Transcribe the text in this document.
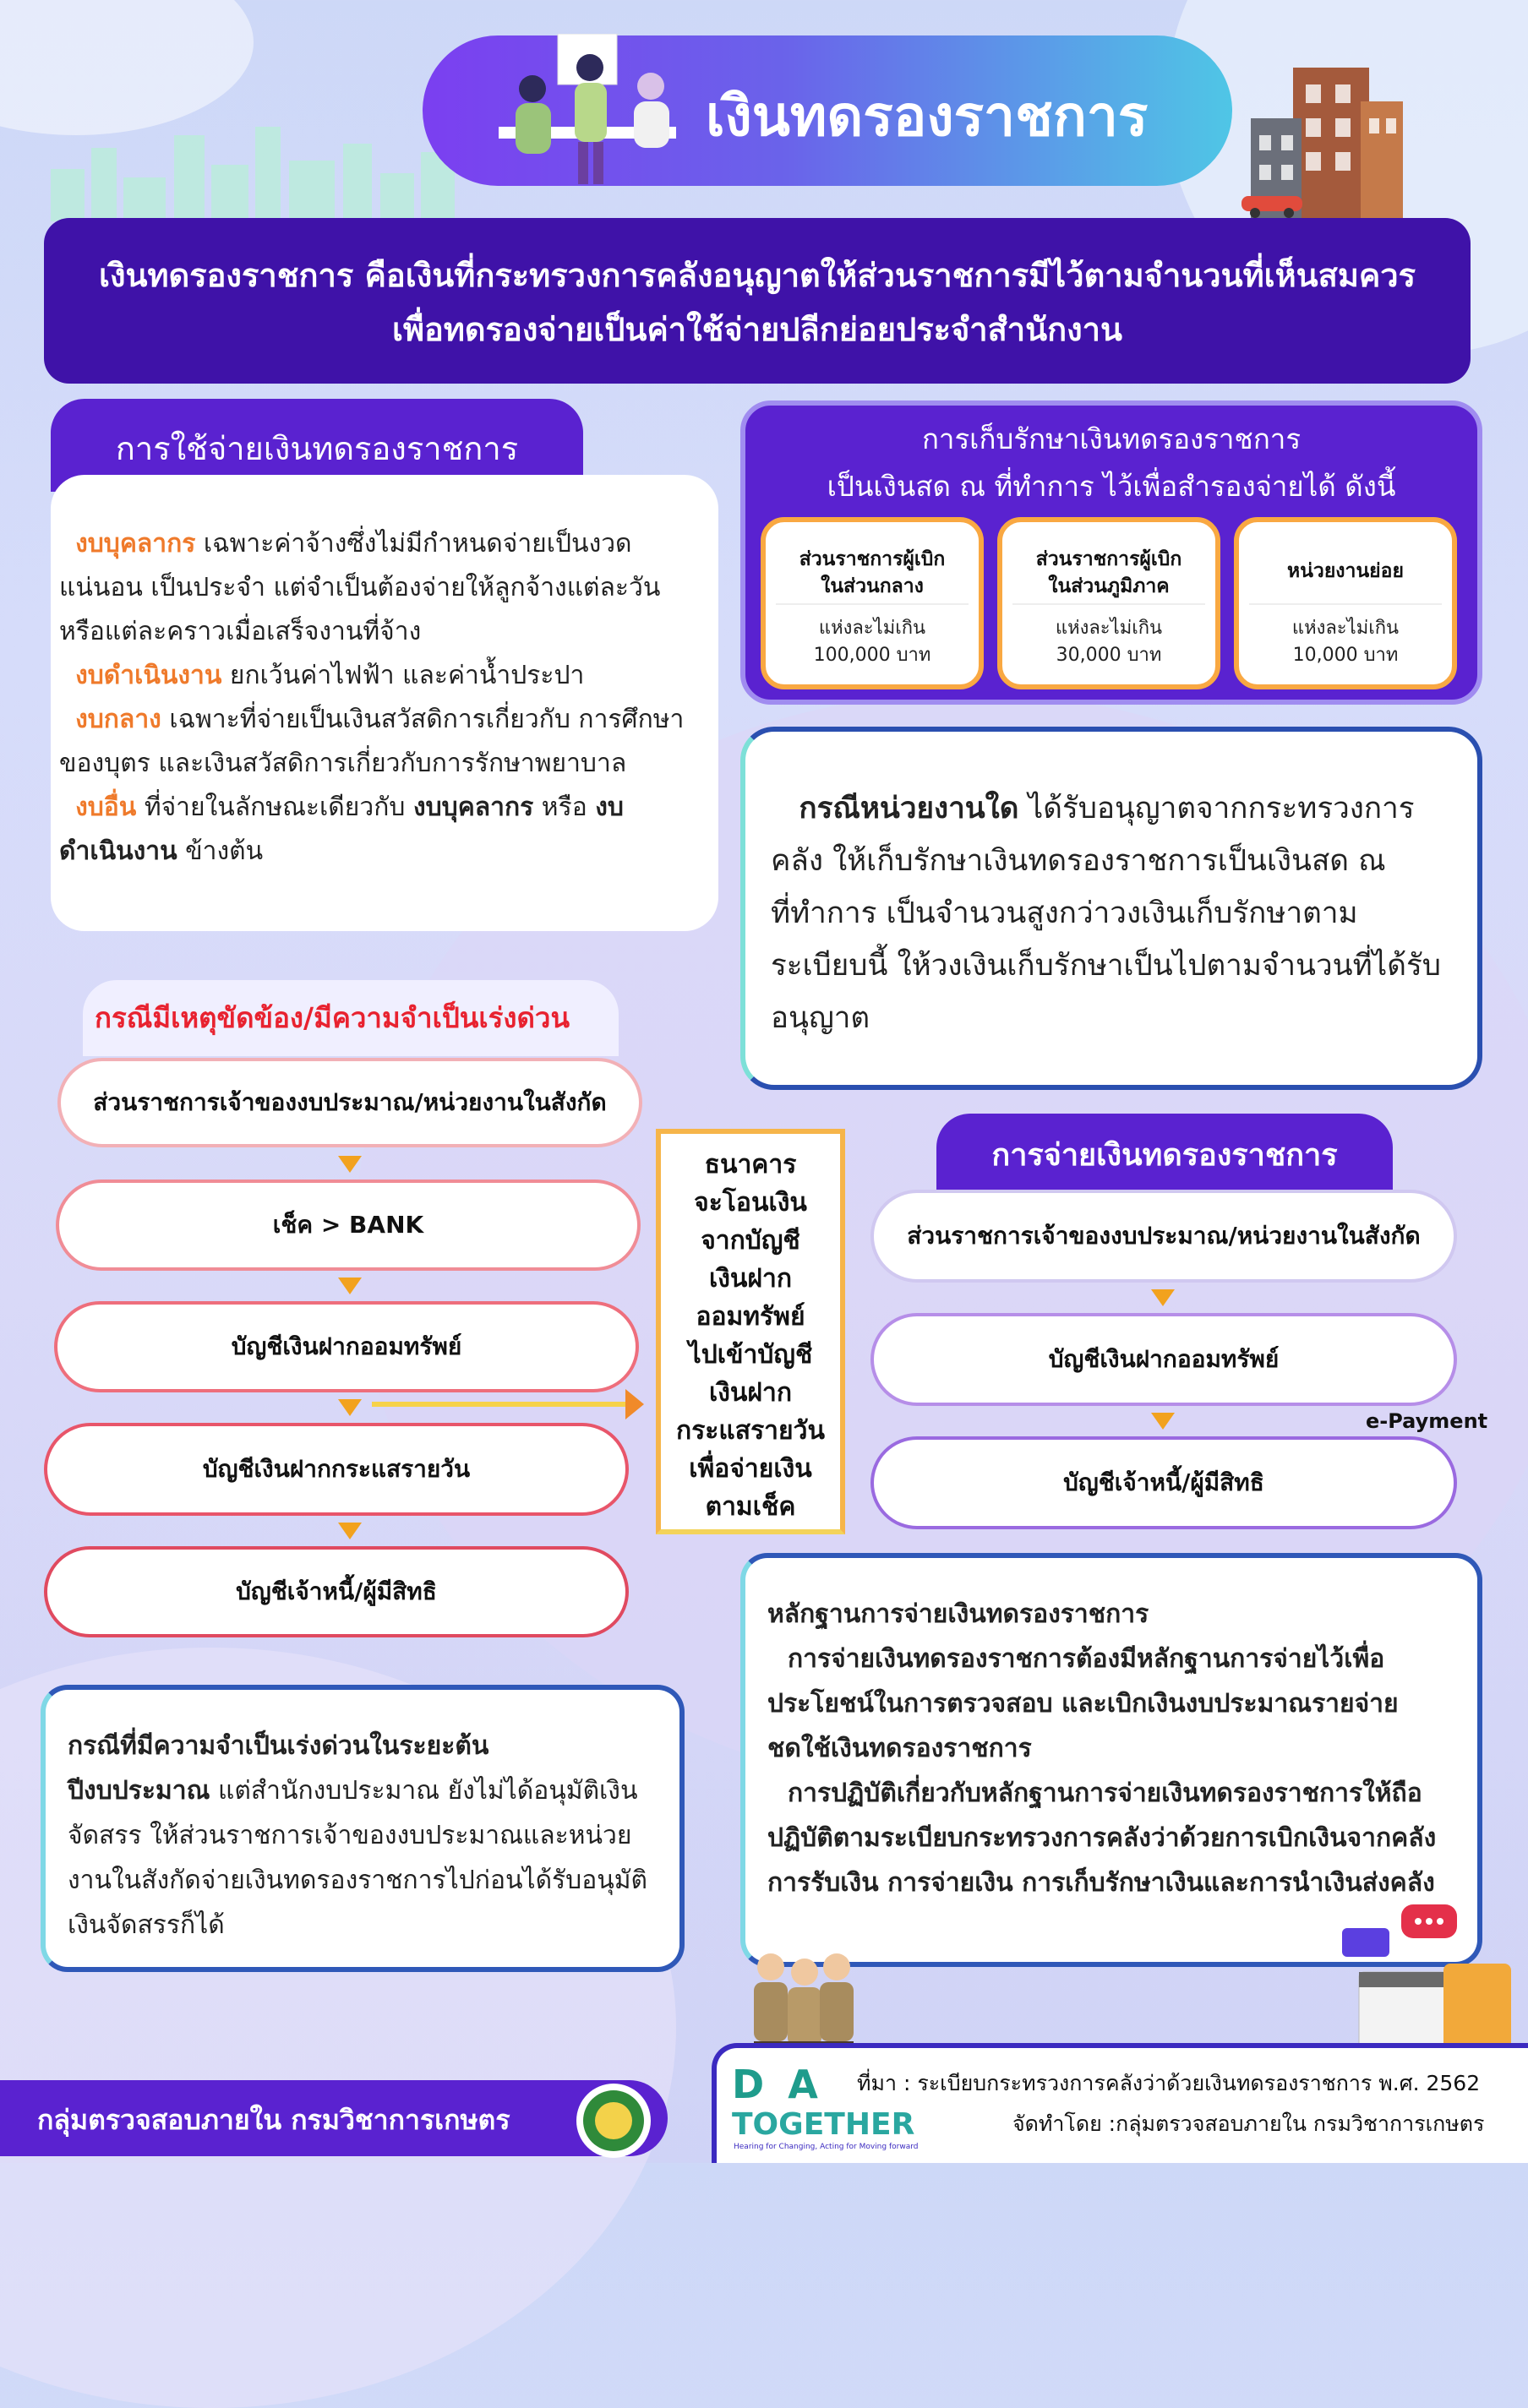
เงินทดรองราชการ
เงินทดรองราชการ คือเงินที่กระทรวงการคลังอนุญาตให้ส่วนราชการมีไว้ตามจำนวนที่เห็นสมควร
เพื่อทดรองจ่ายเป็นค่าใช้จ่ายปลีกย่อยประจำสำนักงาน
การใช้จ่ายเงินทดรองราชการ
งบบุคลากร เฉพาะค่าจ้างซึ่งไม่มีกำหนดจ่ายเป็นงวดแน่นอน เป็นประจำ แต่จำเป็นต้องจ่ายให้ลูกจ้างแต่ละวันหรือแต่ละคราวเมื่อเสร็จงานที่จ้าง
งบดำเนินงาน ยกเว้นค่าไฟฟ้า และค่าน้ำประปา
งบกลาง เฉพาะที่จ่ายเป็นเงินสวัสดิการเกี่ยวกับ การศึกษาของบุตร และเงินสวัสดิการเกี่ยวกับการรักษาพยาบาล
งบอื่น ที่จ่ายในลักษณะเดียวกับ งบบุคลากร หรือ งบดำเนินงาน ข้างต้น
การเก็บรักษาเงินทดรองราชการ
เป็นเงินสด ณ ที่ทำการ ไว้เพื่อสำรองจ่ายได้ ดังนี้
ส่วนราชการผู้เบิก
ในส่วนกลาง
แห่งละไม่เกิน
100,000 บาท
ส่วนราชการผู้เบิก
ในส่วนภูมิภาค
แห่งละไม่เกิน
30,000 บาท
หน่วยงานย่อย
แห่งละไม่เกิน
10,000 บาท
กรณีหน่วยงานใด ได้รับอนุญาตจากกระทรวงการคลัง ให้เก็บรักษาเงินทดรองราชการเป็นเงินสด ณ ที่ทำการ เป็นจำนวนสูงกว่าวงเงินเก็บรักษาตามระเบียบนี้ ให้วงเงินเก็บรักษาเป็นไปตามจำนวนที่ได้รับอนุญาต
กรณีมีเหตุขัดข้อง/มีความจำเป็นเร่งด่วน
ส่วนราชการเจ้าของงบประมาณ/หน่วยงานในสังกัด
เช็ค > BANK
บัญชีเงินฝากออมทรัพย์
บัญชีเงินฝากกระแสรายวัน
บัญชีเจ้าหนี้/ผู้มีสิทธิ
ธนาคาร
จะโอนเงิน
จากบัญชี
เงินฝาก
ออมทรัพย์
ไปเข้าบัญชี
เงินฝาก
กระแสรายวัน
เพื่อจ่ายเงิน
ตามเช็ค
การจ่ายเงินทดรองราชการ
ส่วนราชการเจ้าของงบประมาณ/หน่วยงานในสังกัด
บัญชีเงินฝากออมทรัพย์
e-Payment
บัญชีเจ้าหนี้/ผู้มีสิทธิ
กรณีที่มีความจำเป็นเร่งด่วนในระยะต้น
ปีงบประมาณ แต่สำนักงบประมาณ ยังไม่ได้อนุมัติเงินจัดสรร ให้ส่วนราชการเจ้าของงบประมาณและหน่วยงานในสังกัดจ่ายเงินทดรองราชการไปก่อนได้รับอนุมัติเงินจัดสรรก็ได้
หลักฐานการจ่ายเงินทดรองราชการ
การจ่ายเงินทดรองราชการต้องมีหลักฐานการจ่ายไว้เพื่อประโยชน์ในการตรวจสอบ และเบิกเงินงบประมาณรายจ่ายชดใช้เงินทดรองราชการ
การปฏิบัติเกี่ยวกับหลักฐานการจ่ายเงินทดรองราชการให้ถือปฏิบัติตามระเบียบกระทรวงการคลังว่าด้วยการเบิกเงินจากคลัง การรับเงิน การจ่ายเงิน การเก็บรักษาเงินและการนำเงินส่งคลัง
กลุ่มตรวจสอบภายใน กรมวิชาการเกษตร
D A
TOGETHER
Hearing for Changing, Acting for Moving forward
ที่มา : ระเบียบกระทรวงการคลังว่าด้วยเงินทดรองราชการ พ.ศ. 2562
จัดทำโดย :กลุ่มตรวจสอบภายใน กรมวิชาการเกษตร
